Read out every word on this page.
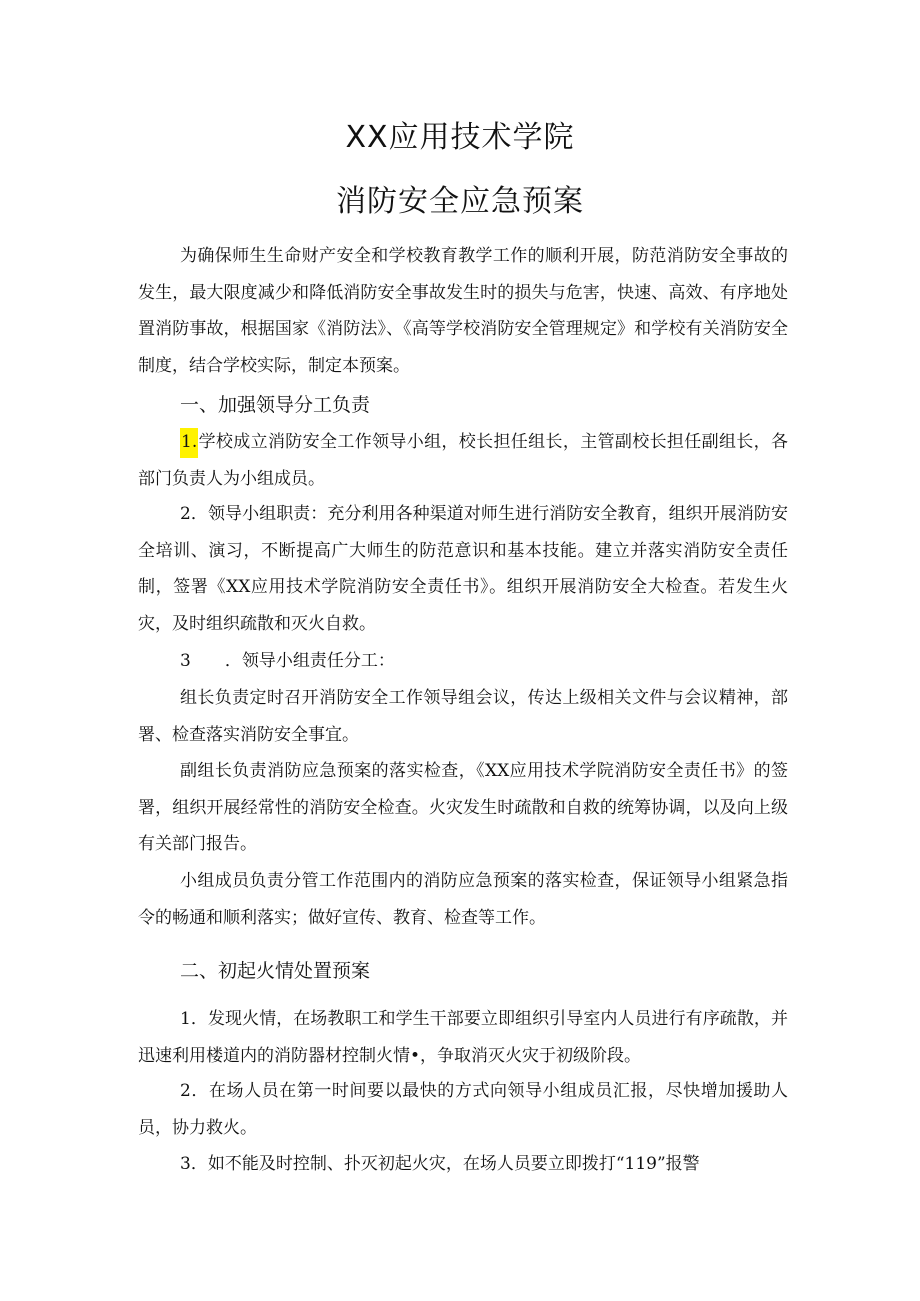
XX应用技术学院
消防安全应急预案

为确保师生生命财产安全和学校教育教学工作的顺利开展，防范消防安全事故的发生，最大限度减少和降低消防安全事故发生时的损失与危害，快速、高效、有序地处置消防事故，根据国家《消防法》、《高等学校消防安全管理规定》和学校有关消防安全制度，结合学校实际，制定本预案。

一、加强领导分工负责

1.学校成立消防安全工作领导小组，校长担任组长，主管副校长担任副组长，各部门负责人为小组成员。

2．领导小组职责：充分利用各种渠道对师生进行消防安全教育，组织开展消防安全培训、演习，不断提高广大师生的防范意识和基本技能。建立并落实消防安全责任制，签署《XX应用技术学院消防安全责任书》。组织开展消防安全大检查。若发生火灾，及时组织疏散和灭火自救。

3　　．领导小组责任分工：

组长负责定时召开消防安全工作领导组会议，传达上级相关文件与会议精神，部署、检查落实消防安全事宜。

副组长负责消防应急预案的落实检查，《XX应用技术学院消防安全责任书》的签署，组织开展经常性的消防安全检查。火灾发生时疏散和自救的统筹协调，以及向上级有关部门报告。

小组成员负责分管工作范围内的消防应急预案的落实检查，保证领导小组紧急指令的畅通和顺利落实；做好宣传、教育、检查等工作。

二、初起火情处置预案

1．发现火情，在场教职工和学生干部要立即组织引导室内人员进行有序疏散，并迅速利用楼道内的消防器材控制火情•，争取消灭火灾于初级阶段。

2．在场人员在第一时间要以最快的方式向领导小组成员汇报，尽快增加援助人员，协力救火。

3．如不能及时控制、扑灭初起火灾，在场人员要立即拨打“119”报警
